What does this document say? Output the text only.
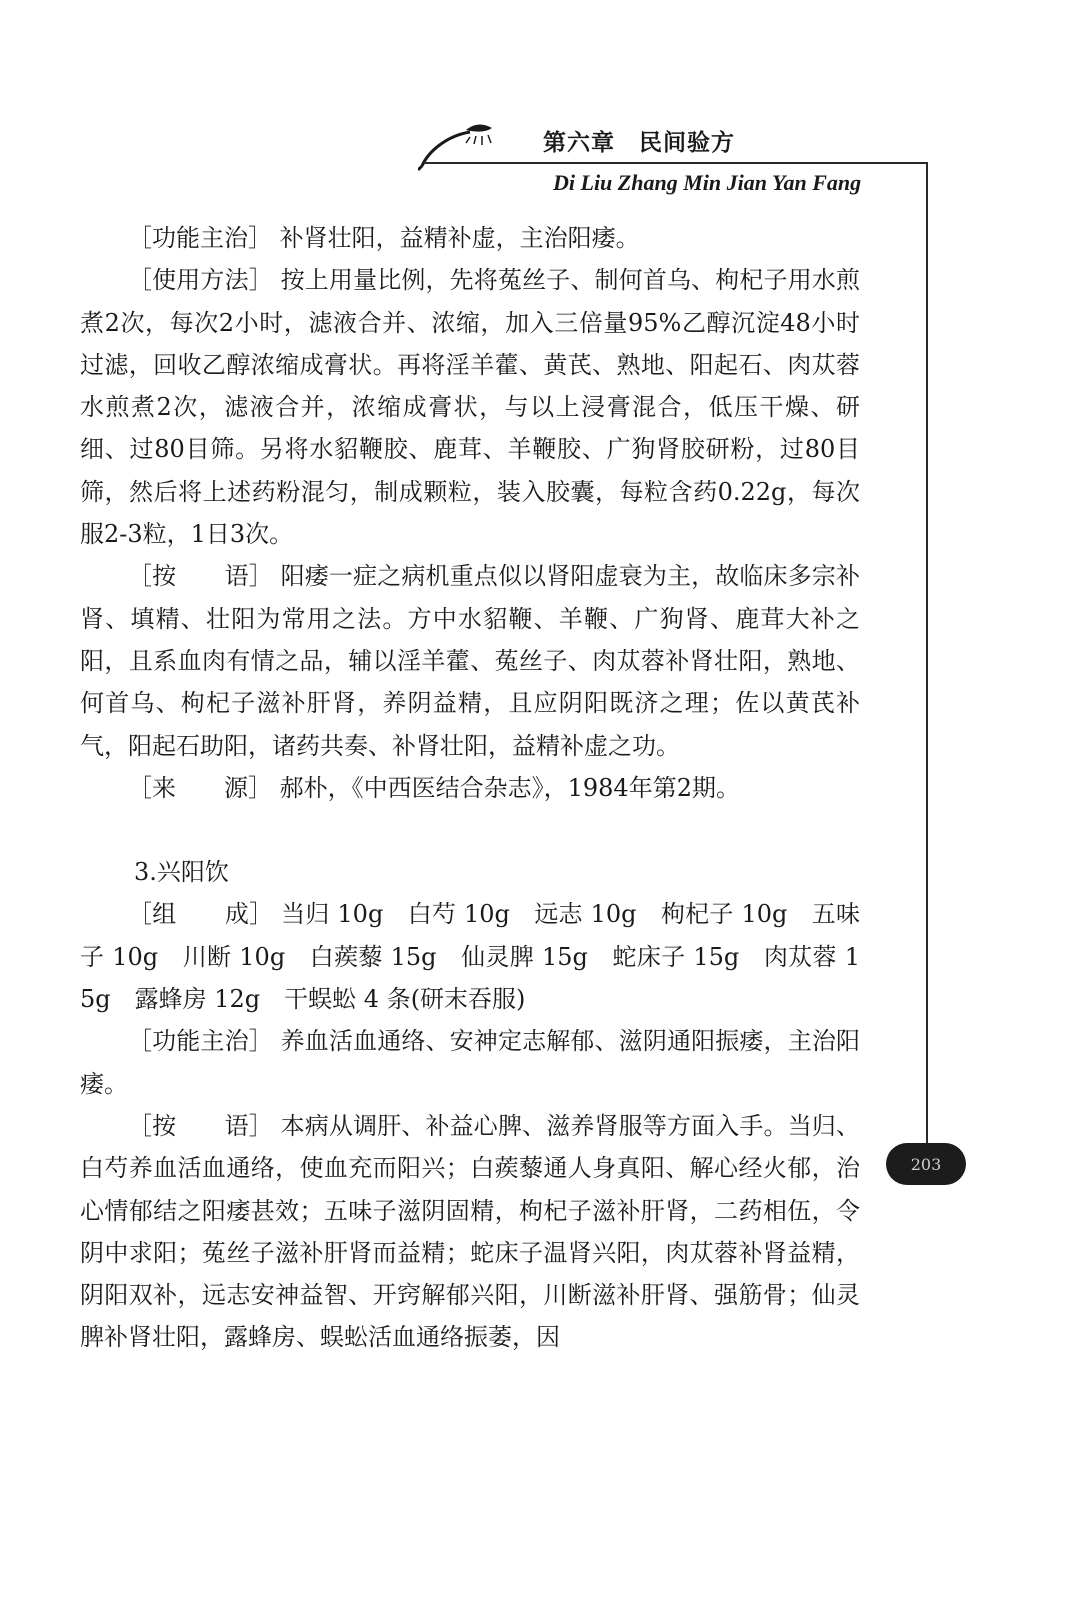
第六章 民间验方
Di Liu Zhang Min Jian Yan Fang
203

［功能主治］ 补肾壮阳，益精补虚，主治阳痿。

［使用方法］ 按上用量比例，先将菟丝子、制何首乌、枸杞子用水煎煮2次，每次2小时，滤液合并、浓缩，加入三倍量95%乙醇沉淀48小时过滤，回收乙醇浓缩成膏状。再将淫羊藿、黄芪、熟地、阳起石、肉苁蓉水煎煮2次，滤液合并，浓缩成膏状，与以上浸膏混合，低压干燥、研细、过80目筛。另将水貂鞭胶、鹿茸、羊鞭胶、广狗肾胶研粉，过80目筛，然后将上述药粉混匀，制成颗粒，装入胶囊，每粒含药0.22g，每次服2-3粒，1日3次。

［按　　语］ 阳痿一症之病机重点似以肾阳虚衰为主，故临床多宗补肾、填精、壮阳为常用之法。方中水貂鞭、羊鞭、广狗肾、鹿茸大补之阳，且系血肉有情之品，辅以淫羊藿、菟丝子、肉苁蓉补肾壮阳，熟地、何首乌、枸杞子滋补肝肾，养阴益精，且应阴阳既济之理；佐以黄芪补气，阳起石助阳，诸药共奏、补肾壮阳，益精补虚之功。

［来　　源］ 郝朴，《中西医结合杂志》，1984年第2期。

3.兴阳饮

［组　　成］ 当归 10g　白芍 10g　远志 10g　枸杞子 10g　五味子 10g　川断 10g　白蒺藜 15g　仙灵脾 15g　蛇床子 15g　肉苁蓉 15g　露蜂房 12g　干蜈蚣 4 条(研末吞服)

［功能主治］ 养血活血通络、安神定志解郁、滋阴通阳振痿，主治阳痿。

［按　　语］ 本病从调肝、补益心脾、滋养肾服等方面入手。当归、白芍养血活血通络，使血充而阳兴；白蒺藜通人身真阳、解心经火郁，治心情郁结之阳痿甚效；五味子滋阴固精，枸杞子滋补肝肾，二药相伍，令阴中求阳；菟丝子滋补肝肾而益精；蛇床子温肾兴阳，肉苁蓉补肾益精，阴阳双补，远志安神益智、开窍解郁兴阳，川断滋补肝肾、强筋骨；仙灵脾补肾壮阳，露蜂房、蜈蚣活血通络振萎，因
